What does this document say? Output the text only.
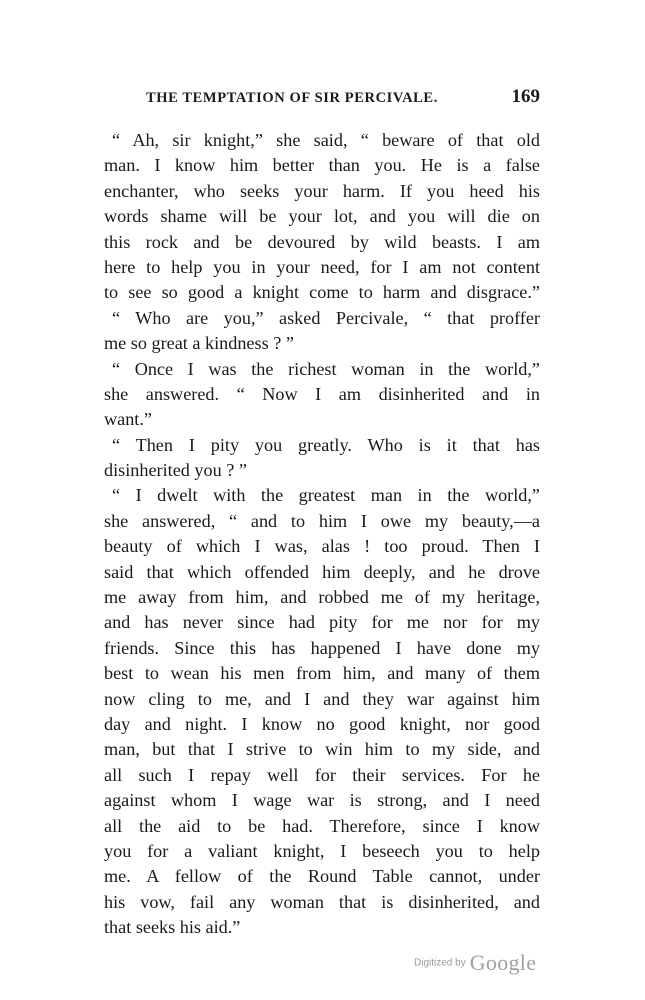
THE TEMPTATION OF SIR PERCIVALE.	169
“ Ah, sir knight,” she said, “ beware of that old
man. I know him better than you. He is a false
enchanter, who seeks your harm. If you heed his
words shame will be your lot, and you will die on
this rock and be devoured by wild beasts. I am
here to help you in your need, for I am not content
to see so good a knight come to harm and disgrace.”
“ Who are you,” asked Percivale, “ that proffer
me so great a kindness ? ”
“ Once I was the richest woman in the world,”
she answered. “ Now I am disinherited and in
want.”
“ Then I pity you greatly. Who is it that has
disinherited you ? ”
“ I dwelt with the greatest man in the world,”
she answered, “ and to him I owe my beauty,—a
beauty of which I was, alas ! too proud. Then I
said that which offended him deeply, and he drove
me away from him, and robbed me of my heritage,
and has never since had pity for me nor for my
friends. Since this has happened I have done my
best to wean his men from him, and many of them
now cling to me, and I and they war against him
day and night. I know no good knight, nor good
man, but that I strive to win him to my side, and
all such I repay well for their services. For he
against whom I wage war is strong, and I need
all the aid to be had. Therefore, since I know
you for a valiant knight, I beseech you to help
me. A fellow of the Round Table cannot, under
his vow, fail any woman that is disinherited, and
that seeks his aid.”
Digitized by Google
